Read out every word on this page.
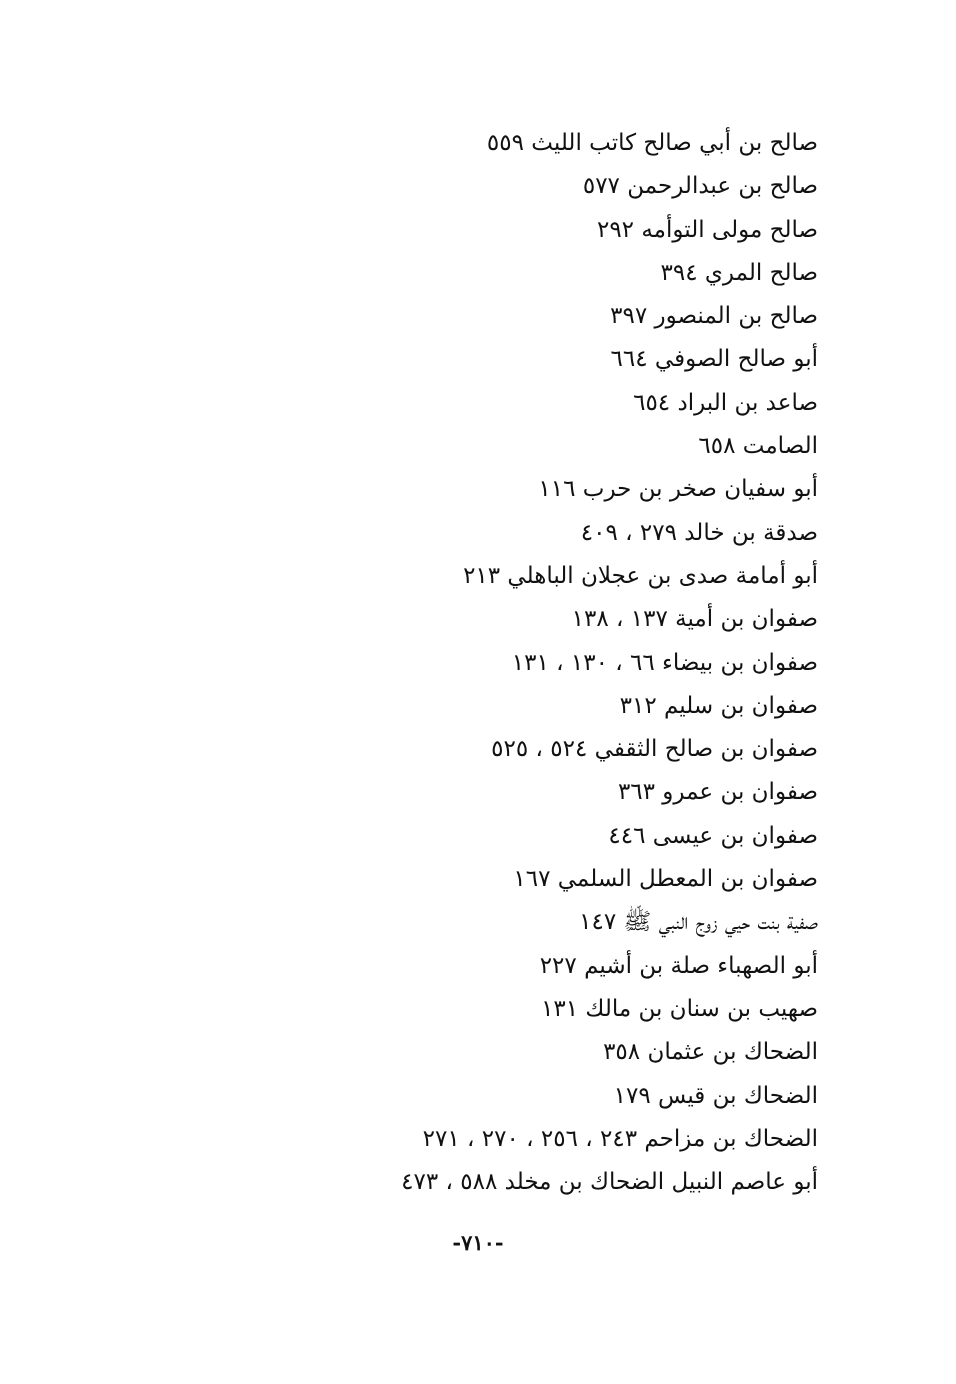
صالح بن أبي صالح كاتب الليث ٥٥٩
صالح بن عبدالرحمن ٥٧٧
صالح مولى التوأمه ٢٩٢
صالح المري ٣٩٤
صالح بن المنصور ٣٩٧
أبو صالح الصوفي ٦٦٤
صاعد بن البراد ٦٥٤
الصامت ٦٥٨
أبو سفيان صخر بن حرب ١١٦
صدقة بن خالد ٢٧٩ ، ٤٠٩
أبو أمامة صدى بن عجلان الباهلي ٢١٣
صفوان بن أمية ١٣٧ ، ١٣٨
صفوان بن بيضاء ٦٦ ، ١٣٠ ، ١٣١
صفوان بن سليم ٣١٢
صفوان بن صالح الثقفي ٥٢٤ ، ٥٢٥
صفوان بن عمرو ٣٦٣
صفوان بن عيسى ٤٤٦
صفوان بن المعطل السلمي ١٦٧
صفية بنت حيي زوج النبي ﷺ ١٤٧
أبو الصهباء صلة بن أشيم ٢٢٧
صهيب بن سنان بن مالك ١٣١
الضحاك بن عثمان ٣٥٨
الضحاك بن قيس ١٧٩
الضحاك بن مزاحم ٢٤٣ ، ٢٥٦ ، ٢٧٠ ، ٢٧١
أبو عاصم النبيل الضحاك بن مخلد ٥٨٨ ، ٤٧٣
-٧١٠-
